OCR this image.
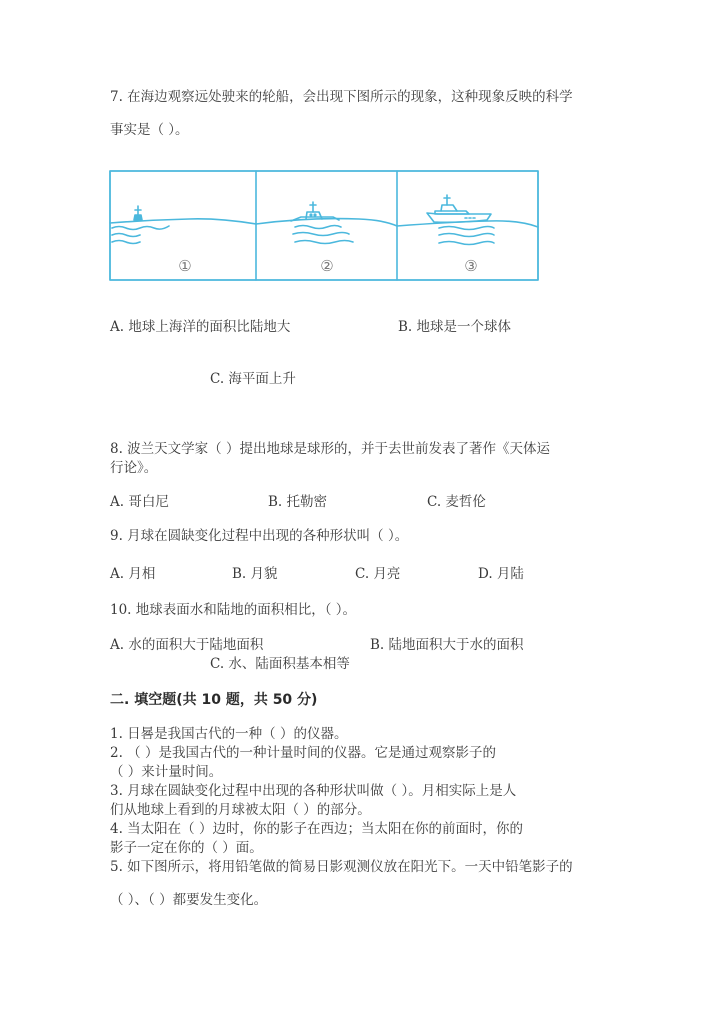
7. 在海边观察远处驶来的轮船，会出现下图所示的现象，这种现象反映的科学
事实是（ ）。
①	②	③
A. 地球上海洋的面积比陆地大	B. 地球是一个球体
C. 海平面上升
8. 波兰天文学家（ ）提出地球是球形的，并于去世前发表了著作《天体运
行论》。
A. 哥白尼	B. 托勒密	C. 麦哲伦
9. 月球在圆缺变化过程中出现的各种形状叫（ ）。
A. 月相	B. 月貌	C. 月亮	D. 月陆
10. 地球表面水和陆地的面积相比，（ ）。
A. 水的面积大于陆地面积	B. 陆地面积大于水的面积
C. 水、陆面积基本相等
二. 填空题(共 10 题，共 50 分)
1. 日晷是我国古代的一种（ ）的仪器。
2. （ ）是我国古代的一种计量时间的仪器。它是通过观察影子的
（ ）来计量时间。
3. 月球在圆缺变化过程中出现的各种形状叫做（ ）。月相实际上是人
们从地球上看到的月球被太阳（ ）的部分。
4. 当太阳在（ ）边时，你的影子在西边；当太阳在你的前面时，你的
影子一定在你的（ ）面。
5. 如下图所示，将用铅笔做的简易日影观测仪放在阳光下。一天中铅笔影子的
（ ）、（ ）都要发生变化。
